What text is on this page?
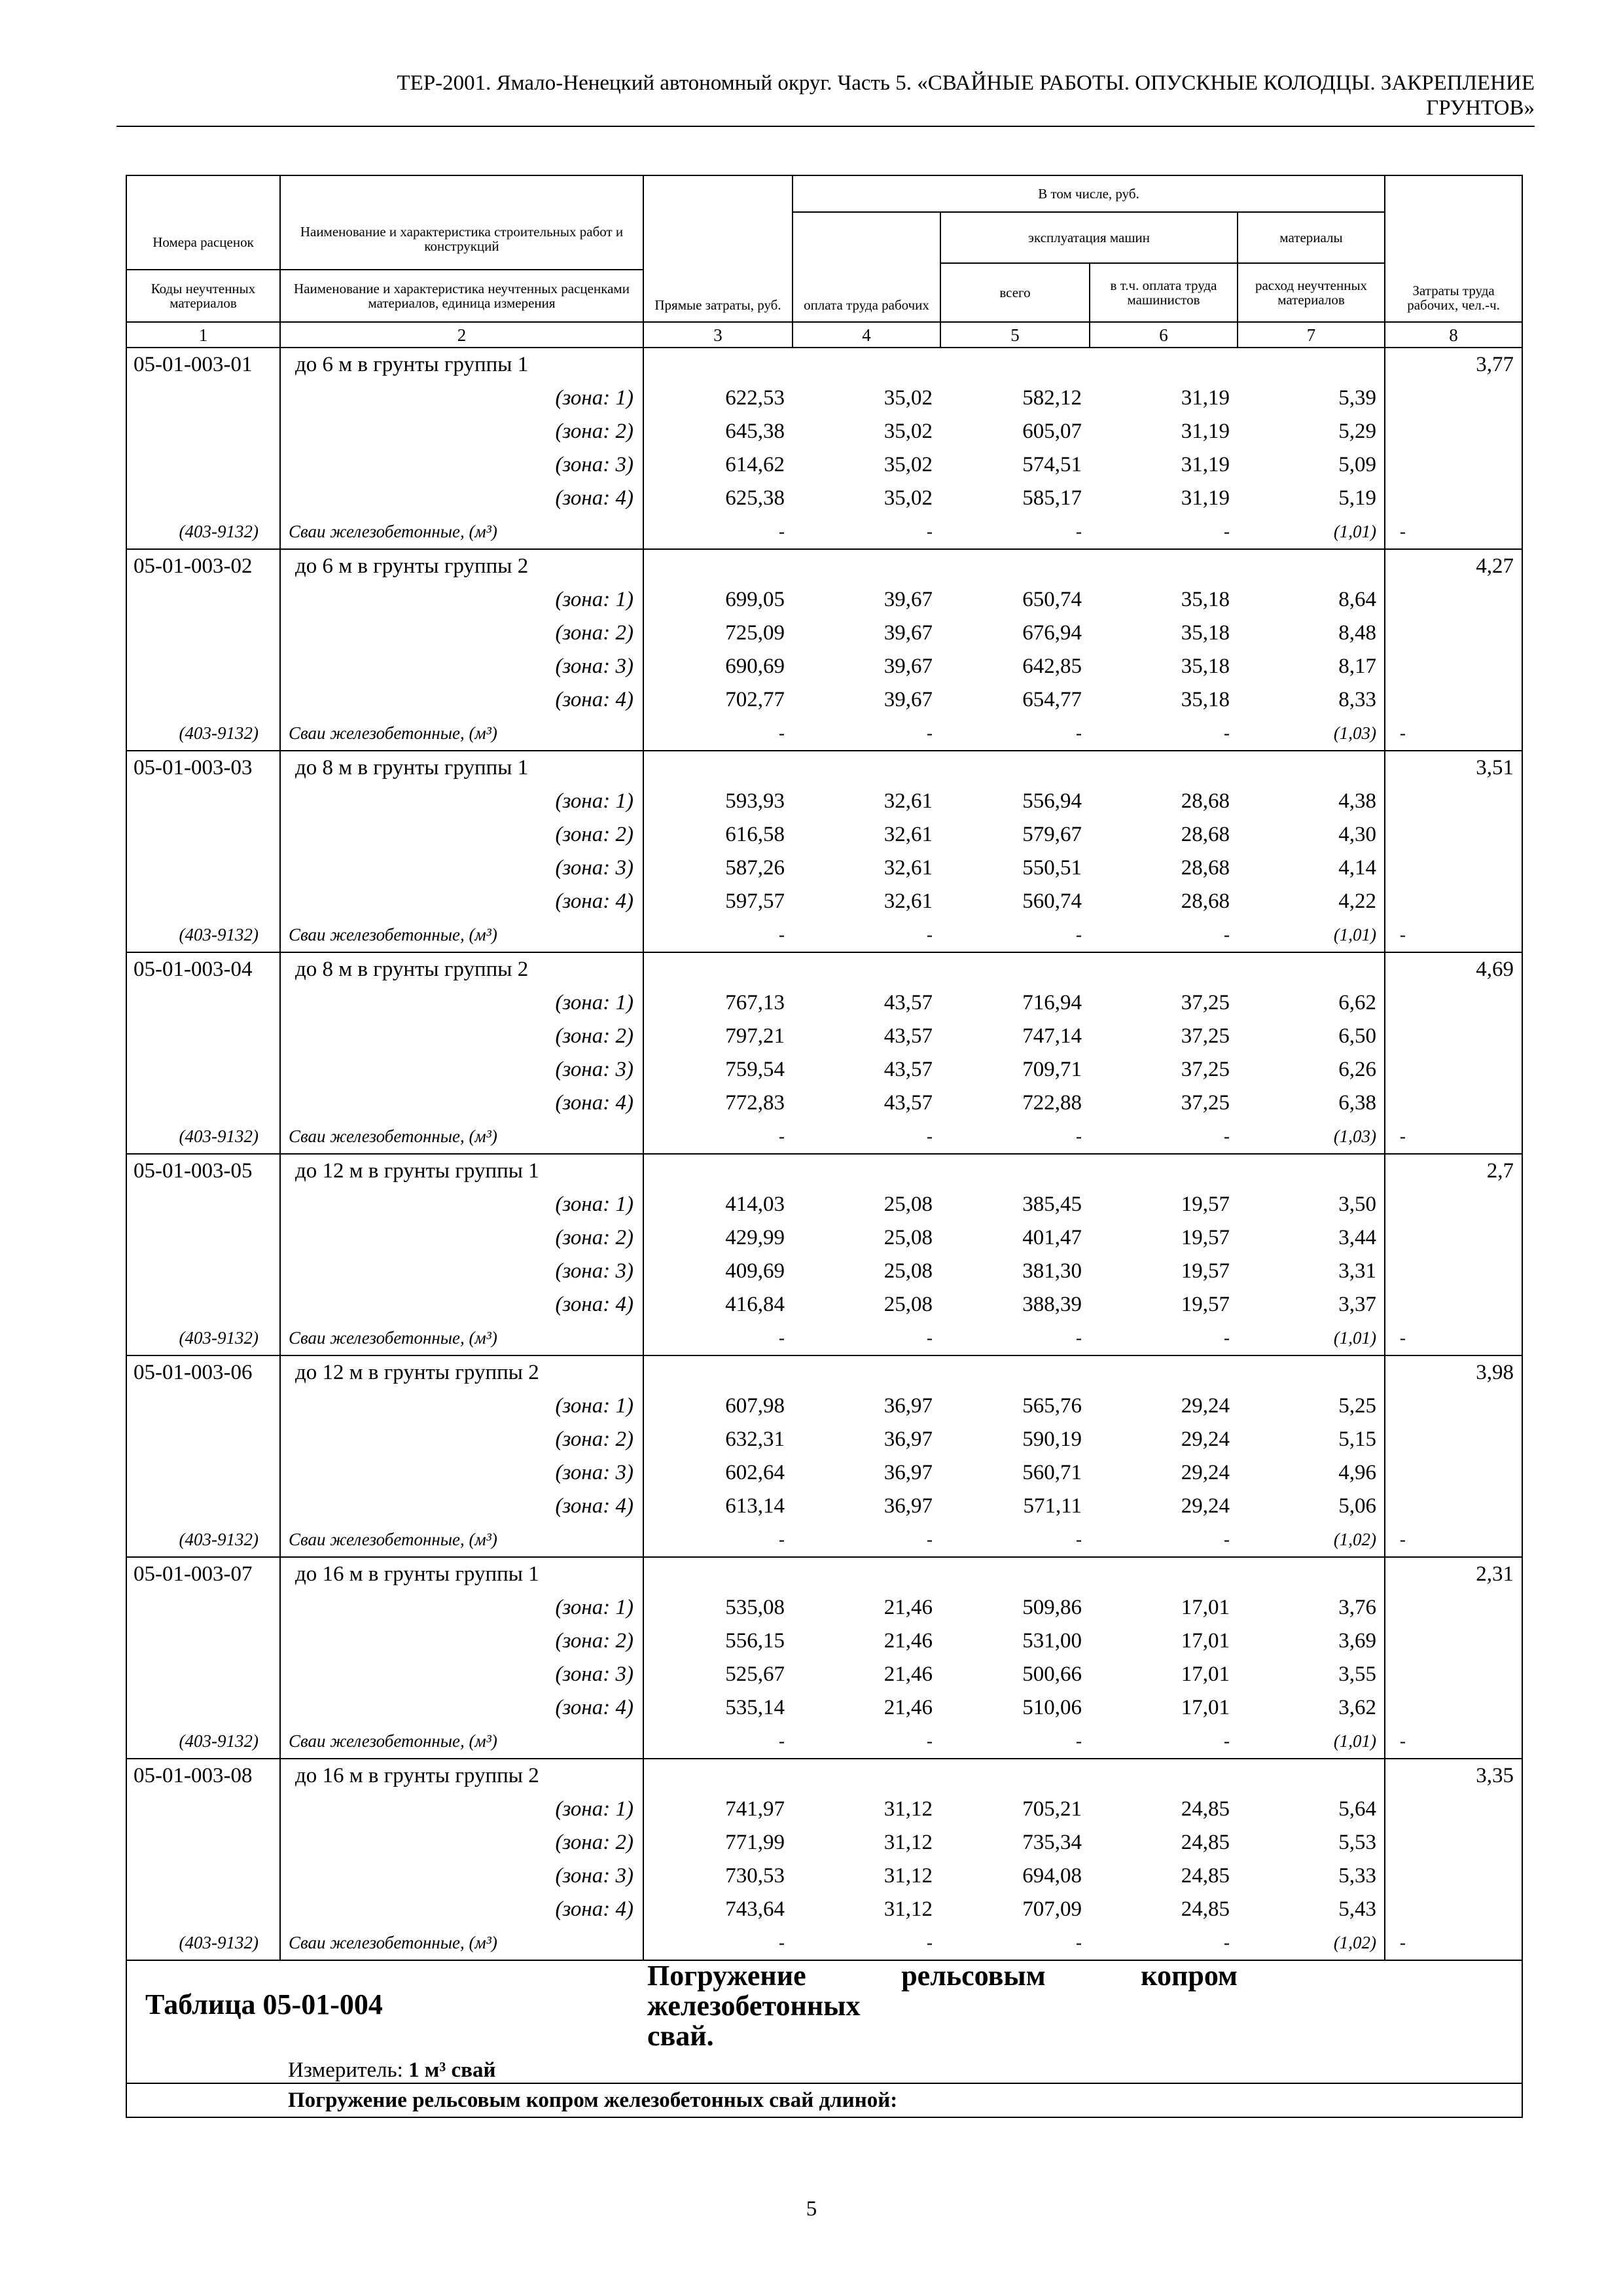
ТЕР-2001. Ямало-Ненецкий автономный округ. Часть 5. «СВАЙНЫЕ РАБОТЫ. ОПУСКНЫЕ КОЛОДЦЫ. ЗАКРЕПЛЕНИЕ
ГРУНТОВ»
Номера расценок	Наименование и характеристика строительных работ и конструкций	Прямые затраты, руб.	В том числе, руб.				Затраты труда рабочих, чел.-ч.
			оплата труда рабочих	эксплуатация машин		материалы	
				всего	в т.ч. оплата труда машинистов	расход неучтенных материалов	
Коды неучтенных материалов	Наименование и характеристика неучтенных расценками материалов, единица измерения						
1	2	3	4	5	6	7	8
05-01-003-01	до 6 м в грунты группы 1						3,77
	(зона: 1)	622,53	35,02	582,12	31,19	5,39	
	(зона: 2)	645,38	35,02	605,07	31,19	5,29	
	(зона: 3)	614,62	35,02	574,51	31,19	5,09	
	(зона: 4)	625,38	35,02	585,17	31,19	5,19	
(403-9132)	Сваи железобетонные, (м³)	-	-	-	-	(1,01)	-
05-01-003-02	до 6 м в грунты группы 2						4,27
	(зона: 1)	699,05	39,67	650,74	35,18	8,64	
	(зона: 2)	725,09	39,67	676,94	35,18	8,48	
	(зона: 3)	690,69	39,67	642,85	35,18	8,17	
	(зона: 4)	702,77	39,67	654,77	35,18	8,33	
(403-9132)	Сваи железобетонные, (м³)	-	-	-	-	(1,03)	-
05-01-003-03	до 8 м в грунты группы 1						3,51
	(зона: 1)	593,93	32,61	556,94	28,68	4,38	
	(зона: 2)	616,58	32,61	579,67	28,68	4,30	
	(зона: 3)	587,26	32,61	550,51	28,68	4,14	
	(зона: 4)	597,57	32,61	560,74	28,68	4,22	
(403-9132)	Сваи железобетонные, (м³)	-	-	-	-	(1,01)	-
05-01-003-04	до 8 м в грунты группы 2						4,69
	(зона: 1)	767,13	43,57	716,94	37,25	6,62	
	(зона: 2)	797,21	43,57	747,14	37,25	6,50	
	(зона: 3)	759,54	43,57	709,71	37,25	6,26	
	(зона: 4)	772,83	43,57	722,88	37,25	6,38	
(403-9132)	Сваи железобетонные, (м³)	-	-	-	-	(1,03)	-
05-01-003-05	до 12 м в грунты группы 1						2,7
	(зона: 1)	414,03	25,08	385,45	19,57	3,50	
	(зона: 2)	429,99	25,08	401,47	19,57	3,44	
	(зона: 3)	409,69	25,08	381,30	19,57	3,31	
	(зона: 4)	416,84	25,08	388,39	19,57	3,37	
(403-9132)	Сваи железобетонные, (м³)	-	-	-	-	(1,01)	-
05-01-003-06	до 12 м в грунты группы 2						3,98
	(зона: 1)	607,98	36,97	565,76	29,24	5,25	
	(зона: 2)	632,31	36,97	590,19	29,24	5,15	
	(зона: 3)	602,64	36,97	560,71	29,24	4,96	
	(зона: 4)	613,14	36,97	571,11	29,24	5,06	
(403-9132)	Сваи железобетонные, (м³)	-	-	-	-	(1,02)	-
05-01-003-07	до 16 м в грунты группы 1						2,31
	(зона: 1)	535,08	21,46	509,86	17,01	3,76	
	(зона: 2)	556,15	21,46	531,00	17,01	3,69	
	(зона: 3)	525,67	21,46	500,66	17,01	3,55	
	(зона: 4)	535,14	21,46	510,06	17,01	3,62	
(403-9132)	Сваи железобетонные, (м³)	-	-	-	-	(1,01)	-
05-01-003-08	до 16 м в грунты группы 2						3,35
	(зона: 1)	741,97	31,12	705,21	24,85	5,64	
	(зона: 2)	771,99	31,12	735,34	24,85	5,53	
	(зона: 3)	730,53	31,12	694,08	24,85	5,33	
	(зона: 4)	743,64	31,12	707,09	24,85	5,43	
(403-9132)	Сваи железобетонные, (м³)	-	-	-	-	(1,02)	-
Таблица 05-01-004		Погружение рельсовым копром железобетонных					

		свай.					

	Измеритель: 1 м³ свай						
	Погружение рельсовым копром железобетонных свай длиной:						
5
